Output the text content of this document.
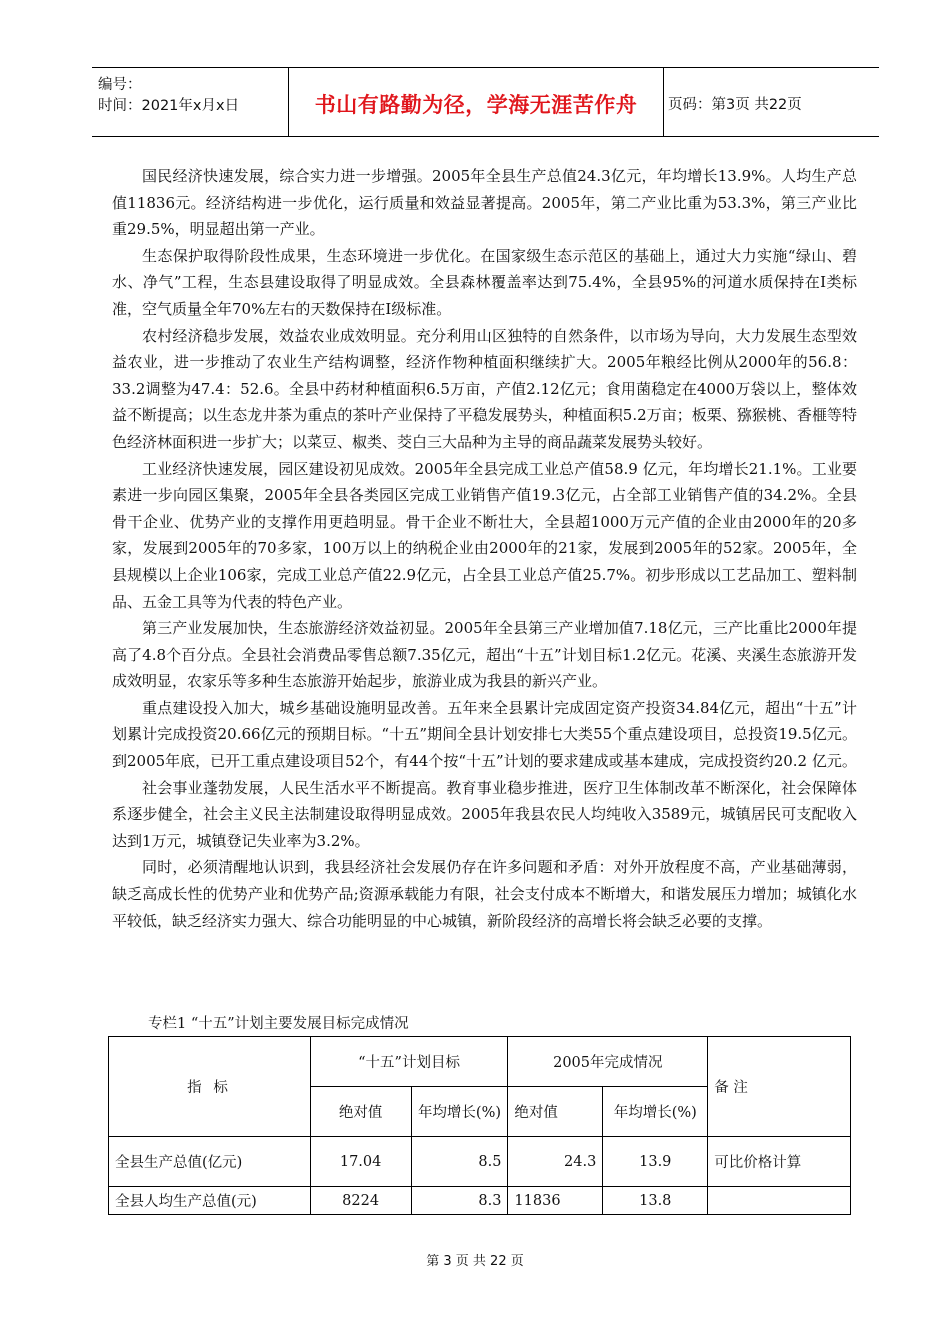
编号：
时间：2021年x月x日	书山有路勤为径，学海无涯苦作舟	页码：第3页 共22页

国民经济快速发展，综合实力进一步增强。2005年全县生产总值24.3亿元，年均增长13.9%。人均生产总值11836元。经济结构进一步优化，运行质量和效益显著提高。2005年，第二产业比重为53.3%，第三产业比重29.5%，明显超出第一产业。

生态保护取得阶段性成果，生态环境进一步优化。在国家级生态示范区的基础上，通过大力实施“绿山、碧水、净气”工程，生态县建设取得了明显成效。全县森林覆盖率达到75.4%，全县95%的河道水质保持在Ⅰ类标准，空气质量全年70%左右的天数保持在Ⅰ级标准。

农村经济稳步发展，效益农业成效明显。充分利用山区独特的自然条件，以市场为导向，大力发展生态型效益农业，进一步推动了农业生产结构调整，经济作物种植面积继续扩大。2005年粮经比例从2000年的56.8：33.2调整为47.4：52.6。全县中药材种植面积6.5万亩，产值2.12亿元；食用菌稳定在4000万袋以上，整体效益不断提高；以生态龙井茶为重点的茶叶产业保持了平稳发展势头，种植面积5.2万亩；板栗、猕猴桃、香榧等特色经济林面积进一步扩大；以菜豆、椒类、茭白三大品种为主导的商品蔬菜发展势头较好。

工业经济快速发展，园区建设初见成效。2005年全县完成工业总产值58.9 亿元，年均增长21.1%。工业要素进一步向园区集聚，2005年全县各类园区完成工业销售产值19.3亿元，占全部工业销售产值的34.2%。全县骨干企业、优势产业的支撑作用更趋明显。骨干企业不断壮大，全县超1000万元产值的企业由2000年的20多家，发展到2005年的70多家，100万以上的纳税企业由2000年的21家，发展到2005年的52家。2005年，全县规模以上企业106家，完成工业总产值22.9亿元，占全县工业总产值25.7%。初步形成以工艺品加工、塑料制品、五金工具等为代表的特色产业。

第三产业发展加快，生态旅游经济效益初显。2005年全县第三产业增加值7.18亿元，三产比重比2000年提高了4.8个百分点。全县社会消费品零售总额7.35亿元，超出“十五”计划目标1.2亿元。花溪、夹溪生态旅游开发成效明显，农家乐等多种生态旅游开始起步，旅游业成为我县的新兴产业。

重点建设投入加大，城乡基础设施明显改善。五年来全县累计完成固定资产投资34.84亿元，超出“十五”计划累计完成投资20.66亿元的预期目标。“十五”期间全县计划安排七大类55个重点建设项目，总投资19.5亿元。到2005年底，已开工重点建设项目52个，有44个按“十五”计划的要求建成或基本建成，完成投资约20.2 亿元。

社会事业蓬勃发展，人民生活水平不断提高。教育事业稳步推进，医疗卫生体制改革不断深化，社会保障体系逐步健全，社会主义民主法制建设取得明显成效。2005年我县农民人均纯收入3589元，城镇居民可支配收入达到1万元，城镇登记失业率为3.2%。

同时，必须清醒地认识到，我县经济社会发展仍存在许多问题和矛盾：对外开放程度不高，产业基础薄弱，缺乏高成长性的优势产业和优势产品;资源承载能力有限，社会支付成本不断增大，和谐发展压力增加；城镇化水平较低，缺乏经济实力强大、综合功能明显的中心城镇，新阶段经济的高增长将会缺乏必要的支撑。

专栏1 “十五”计划主要发展目标完成情况
指 标	“十五”计划目标		2005年完成情况		备 注
	绝对值	年均增长(%)	绝对值	年均增长(%)	
全县生产总值(亿元)	17.04	8.5	24.3	13.9	可比价格计算
全县人均生产总值(元)	8224	8.3	11836	13.8	
第 3 页 共 22 页
